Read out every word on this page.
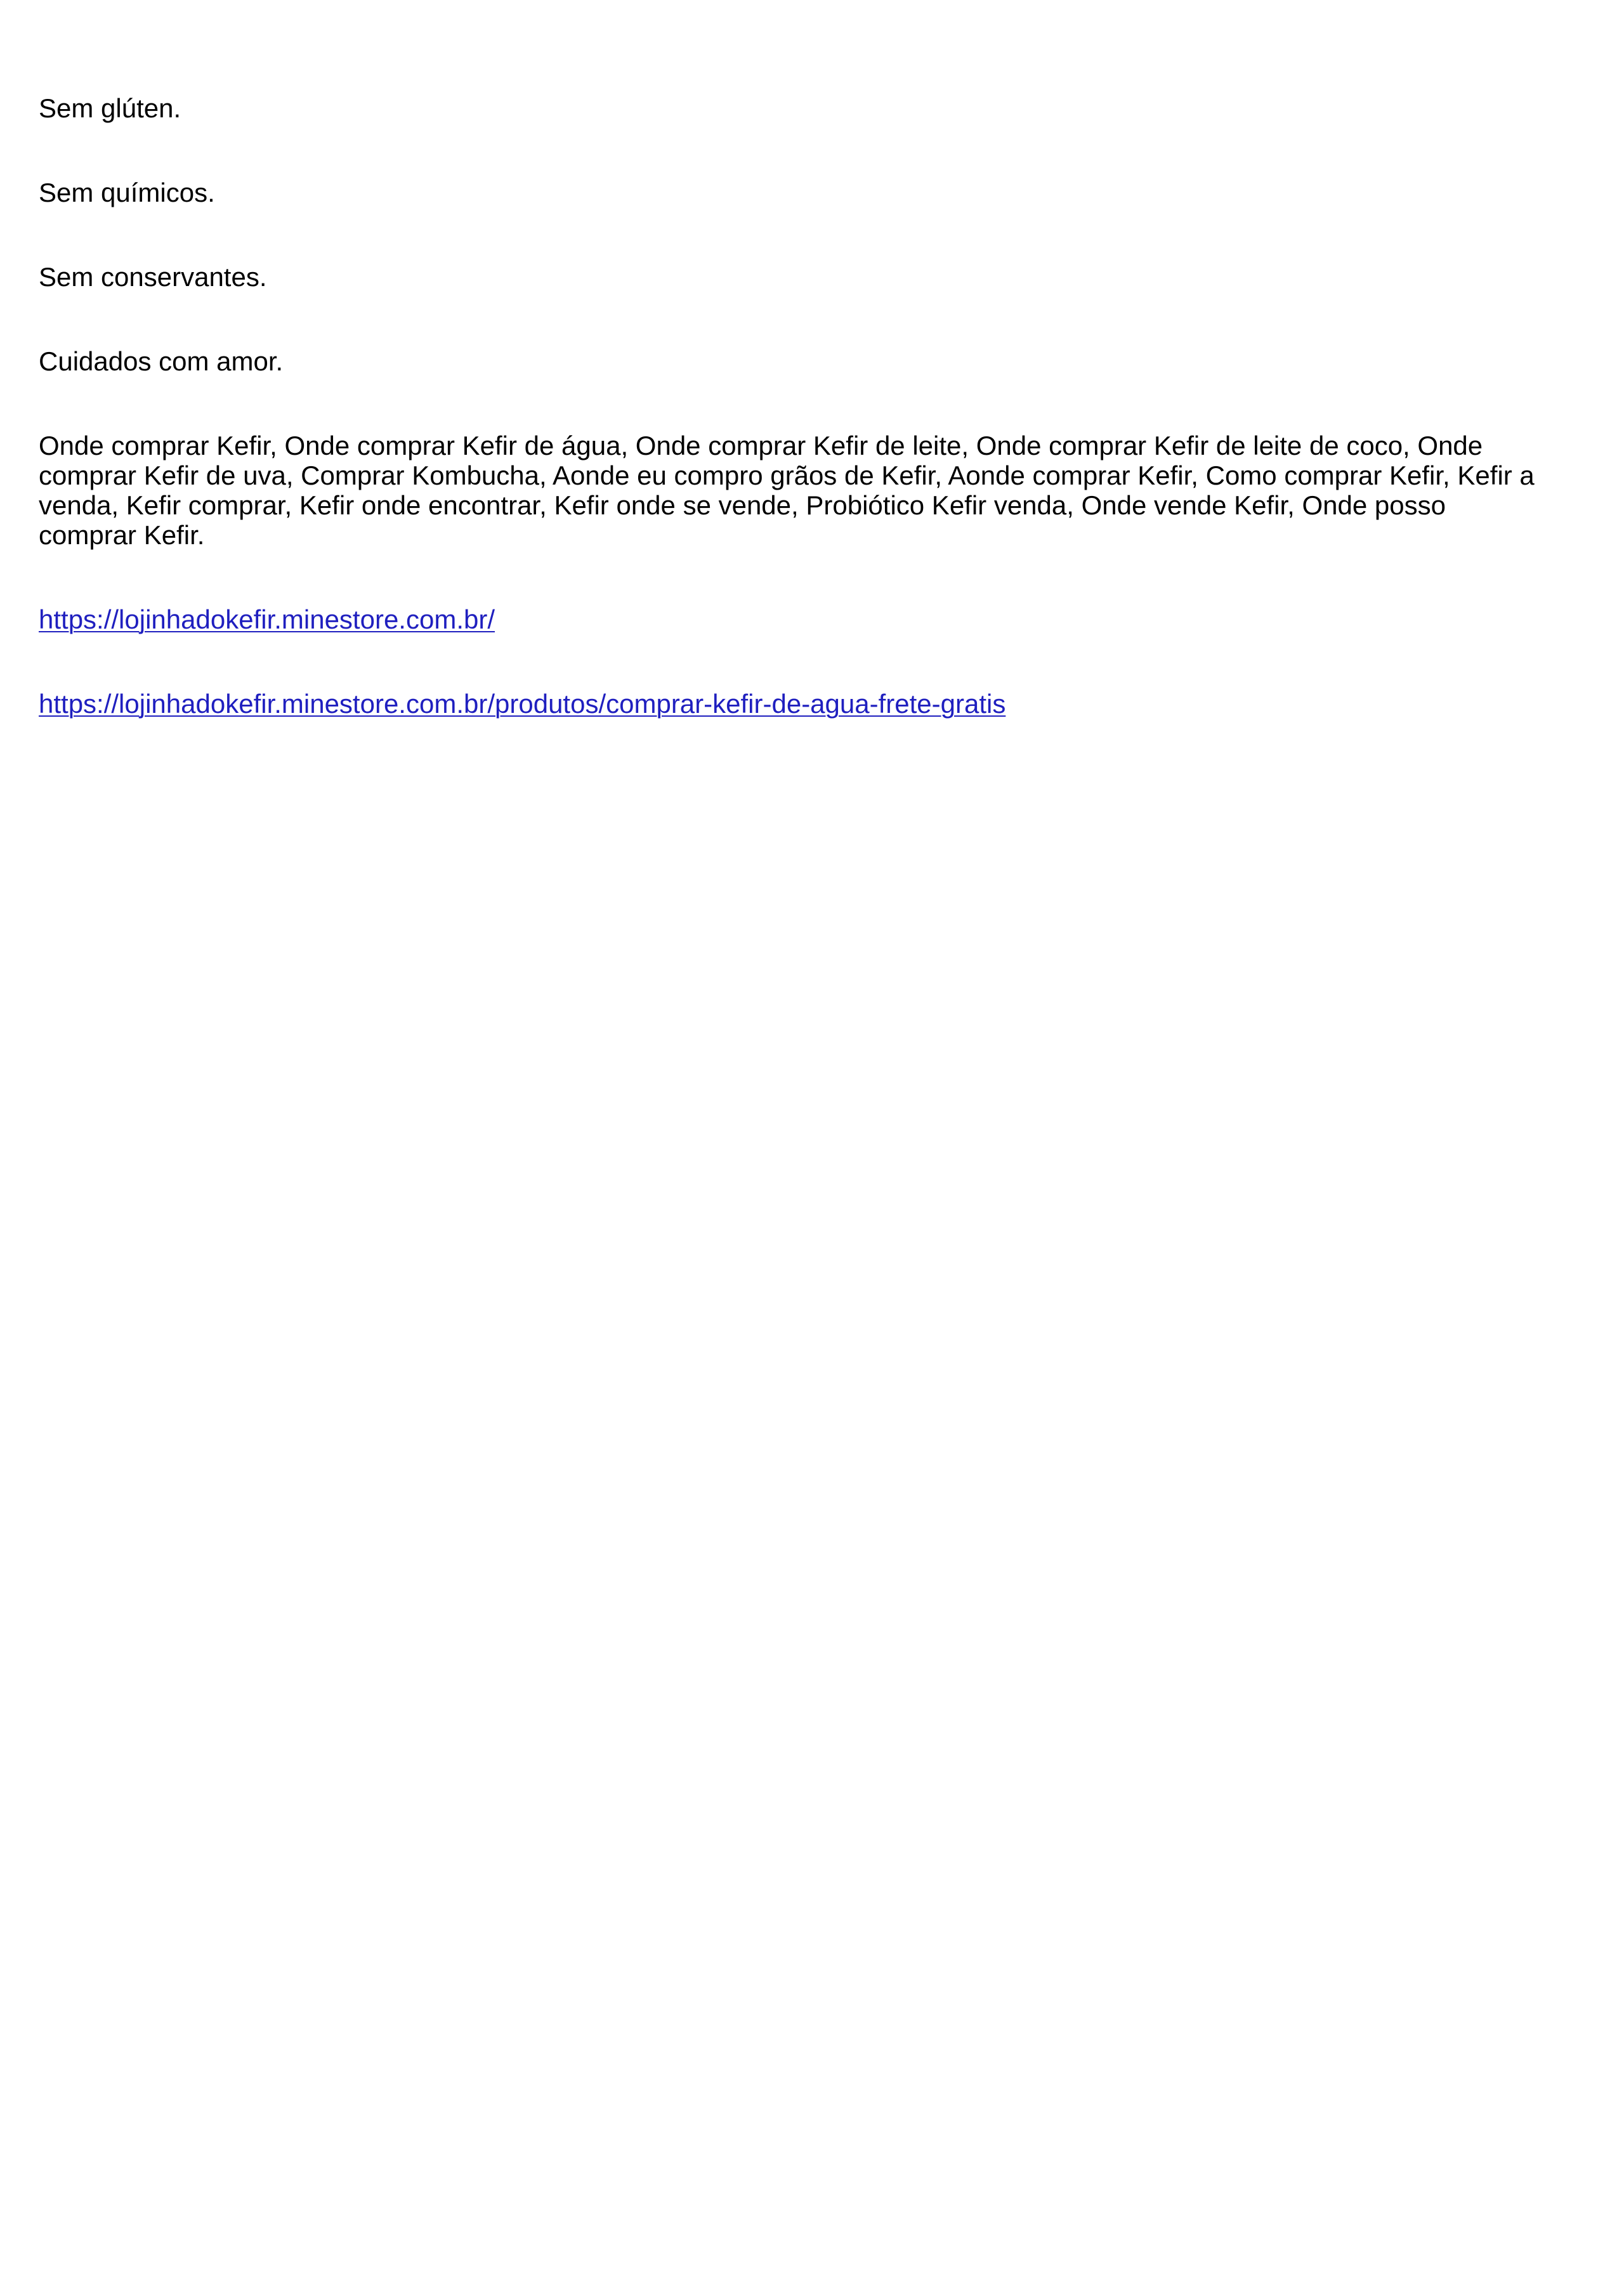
Sem glúten.

Sem químicos.

Sem conservantes.

Cuidados com amor.

Onde comprar Kefir, Onde comprar Kefir de água, Onde comprar Kefir de leite, Onde comprar Kefir de leite de coco, Onde
comprar Kefir de uva, Comprar Kombucha, Aonde eu compro grãos de Kefir, Aonde comprar Kefir, Como comprar Kefir, Kefir a
venda, Kefir comprar, Kefir onde encontrar, Kefir onde se vende, Probiótico Kefir venda, Onde vende Kefir, Onde posso
comprar Kefir.

https://lojinhadokefir.minestore.com.br/

https://lojinhadokefir.minestore.com.br/produtos/comprar-kefir-de-agua-frete-gratis
